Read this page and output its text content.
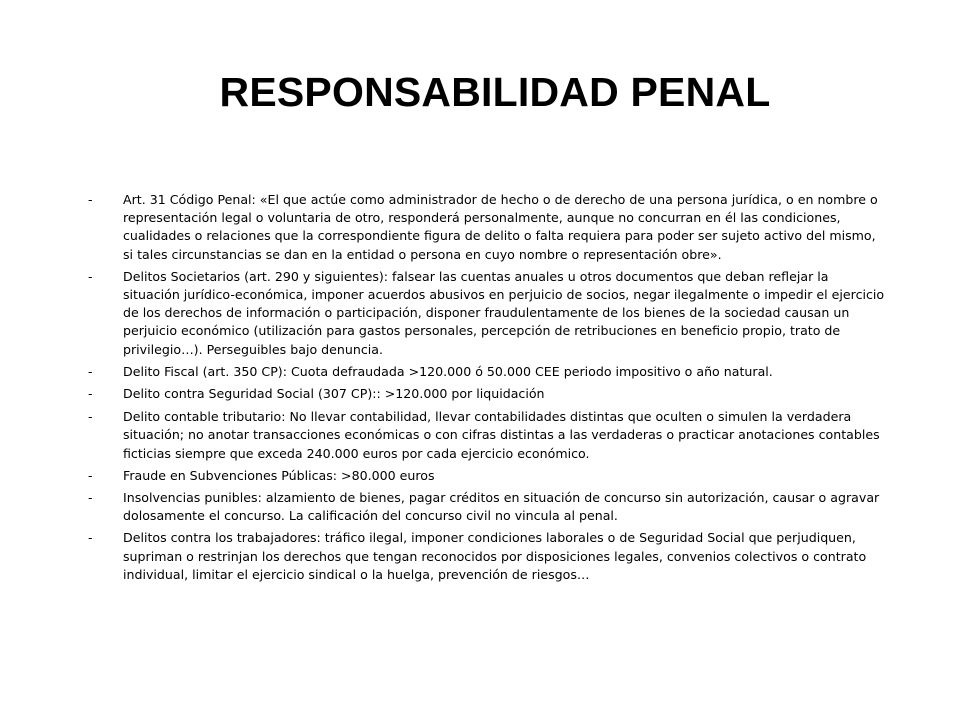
RESPONSABILIDAD PENAL
-	Art. 31 Código Penal: «El que actúe como administrador de hecho o de derecho de una persona jurídica, o en nombre o representación legal o voluntaria de otro, responderá personalmente, aunque no concurran en él las condiciones, cualidades o relaciones que la correspondiente figura de delito o falta requiera para poder ser sujeto activo del mismo, si tales circunstancias se dan en la entidad o persona en cuyo nombre o representación obre».
-	Delitos Societarios (art. 290 y siguientes): falsear las cuentas anuales u otros documentos que deban reflejar la situación jurídico-económica, imponer acuerdos abusivos en perjuicio de socios, negar ilegalmente o impedir el ejercicio de los derechos de información o participación, disponer fraudulentamente de los bienes de la sociedad causan un perjuicio económico (utilización para gastos personales, percepción de retribuciones en beneficio propio, trato de privilegio…). Perseguibles bajo denuncia.
-	Delito Fiscal (art. 350 CP): Cuota defraudada >120.000 ó 50.000 CEE periodo impositivo o año natural.
-	Delito contra Seguridad Social (307 CP):: >120.000 por liquidación
-	Delito contable tributario: No llevar contabilidad, llevar contabilidades distintas que oculten o simulen la verdadera situación; no anotar transacciones económicas o con cifras distintas a las verdaderas o practicar anotaciones contables ficticias siempre que exceda 240.000 euros por cada ejercicio económico.
-	Fraude en Subvenciones Públicas: >80.000 euros
-	Insolvencias punibles: alzamiento de bienes, pagar créditos en situación de concurso sin autorización, causar o agravar dolosamente el concurso. La calificación del concurso civil no vincula al penal.
-	Delitos contra los trabajadores: tráfico ilegal, imponer condiciones laborales o de Seguridad Social que perjudiquen, supriman o restrinjan los derechos que tengan reconocidos por disposiciones legales, convenios colectivos o contrato individual, limitar el ejercicio sindical o la huelga, prevención de riesgos…
